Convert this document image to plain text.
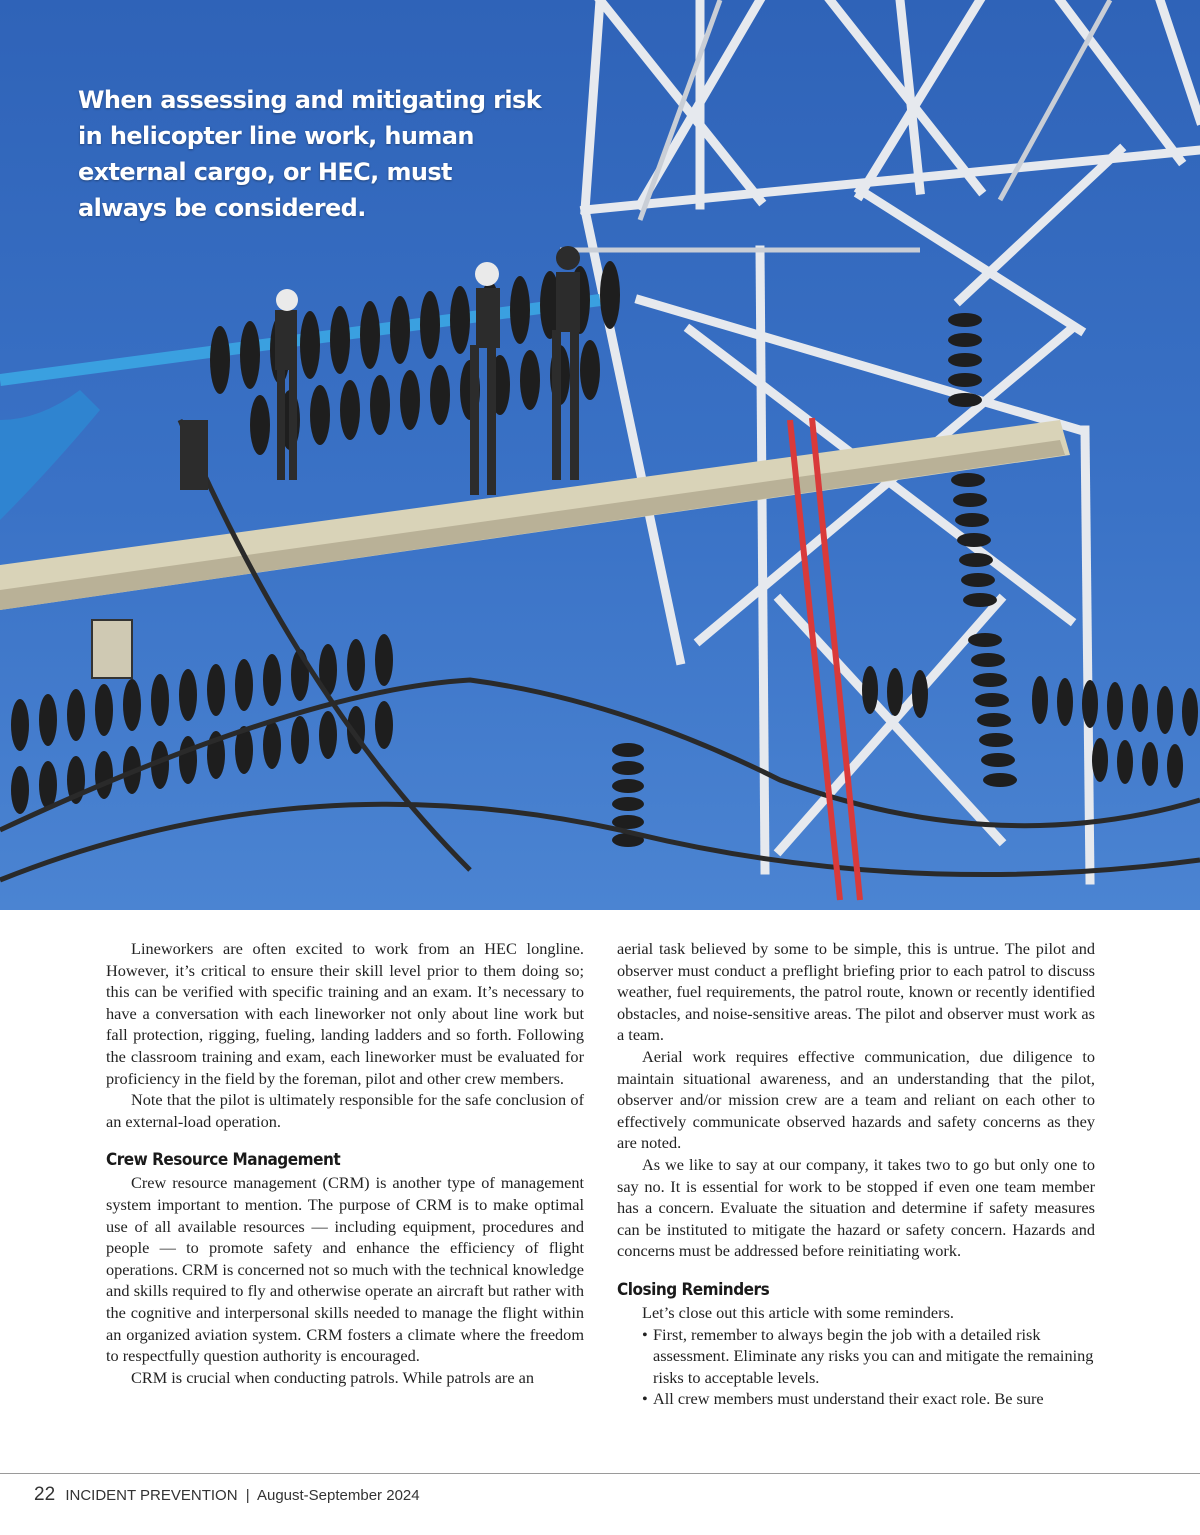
When assessing and mitigating risk in helicopter line work, human external cargo, or HEC, must always be considered.

Lineworkers are often excited to work from an HEC longline. However, it’s critical to ensure their skill level prior to them doing so; this can be verified with specific training and an exam. It’s necessary to have a conversation with each lineworker not only about line work but fall protection, rigging, fueling, landing ladders and so forth. Following the classroom training and exam, each lineworker must be evaluated for proficiency in the field by the foreman, pilot and other crew members.

Note that the pilot is ultimately responsible for the safe conclusion of an external-load operation.

Crew Resource Management

Crew resource management (CRM) is another type of management system important to mention. The purpose of CRM is to make optimal use of all available resources — including equipment, procedures and people — to promote safety and enhance the efficiency of flight operations. CRM is concerned not so much with the technical knowledge and skills required to fly and otherwise operate an aircraft but rather with the cognitive and interpersonal skills needed to manage the flight within an organized aviation system. CRM fosters a climate where the freedom to respectfully question authority is encouraged.

CRM is crucial when conducting patrols. While patrols are an

aerial task believed by some to be simple, this is untrue. The pilot and observer must conduct a preflight briefing prior to each patrol to discuss weather, fuel requirements, the patrol route, known or recently identified obstacles, and noise-sensitive areas. The pilot and observer must work as a team.

Aerial work requires effective communication, due diligence to maintain situational awareness, and an understanding that the pilot, observer and/or mission crew are a team and reliant on each other to effectively communicate observed hazards and safety concerns as they are noted.

As we like to say at our company, it takes two to go but only one to say no. It is essential for work to be stopped if even one team member has a concern. Evaluate the situation and determine if safety measures can be instituted to mitigate the hazard or safety concern. Hazards and concerns must be addressed before reinitiating work.

Closing Reminders

Let’s close out this article with some reminders.

• First, remember to always begin the job with a detailed risk assessment. Eliminate any risks you can and mitigate the remaining risks to acceptable levels.
• All crew members must understand their exact role. Be sure
22 INCIDENT PREVENTION | August-September 2024
